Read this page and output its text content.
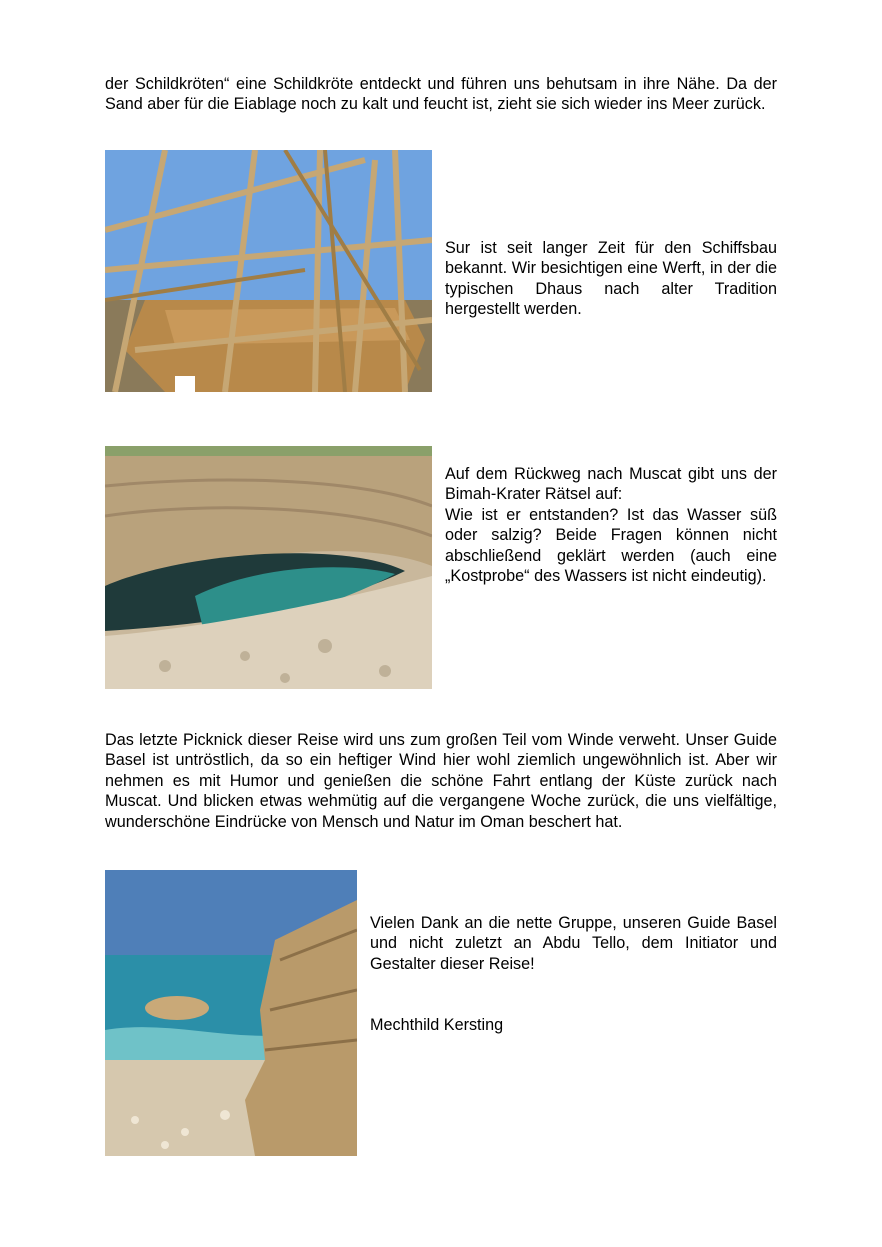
der Schildkröten“ eine Schildkröte entdeckt und führen uns behutsam in ihre Nähe. Da der Sand aber für die Eiablage noch zu kalt und feucht ist, zieht sie sich wieder ins Meer zurück.

Sur ist seit langer Zeit für den Schiffsbau bekannt. Wir besichtigen eine Werft, in der die typischen Dhaus nach alter Tradition hergestellt werden.

Auf dem Rückweg nach Muscat gibt uns der Bimah-Krater Rätsel auf:

Wie ist er entstanden? Ist das Wasser süß oder salzig? Beide Fragen können nicht abschließend geklärt werden (auch eine „Kostprobe“ des Wassers ist nicht eindeutig).

Das letzte Picknick dieser Reise wird uns zum großen Teil vom Winde verweht. Unser Guide Basel ist untröstlich, da so ein heftiger Wind hier wohl ziemlich ungewöhnlich ist. Aber wir nehmen es mit Humor und genießen die schöne Fahrt entlang der Küste zurück nach Muscat. Und blicken etwas wehmütig auf die vergangene Woche zurück, die uns vielfältige, wunderschöne Eindrücke von Mensch und Natur im Oman beschert hat.

Vielen Dank an die nette Gruppe, unseren Guide Basel und nicht zuletzt an Abdu Tello, dem Initiator und Gestalter dieser Reise!

Mechthild Kersting
